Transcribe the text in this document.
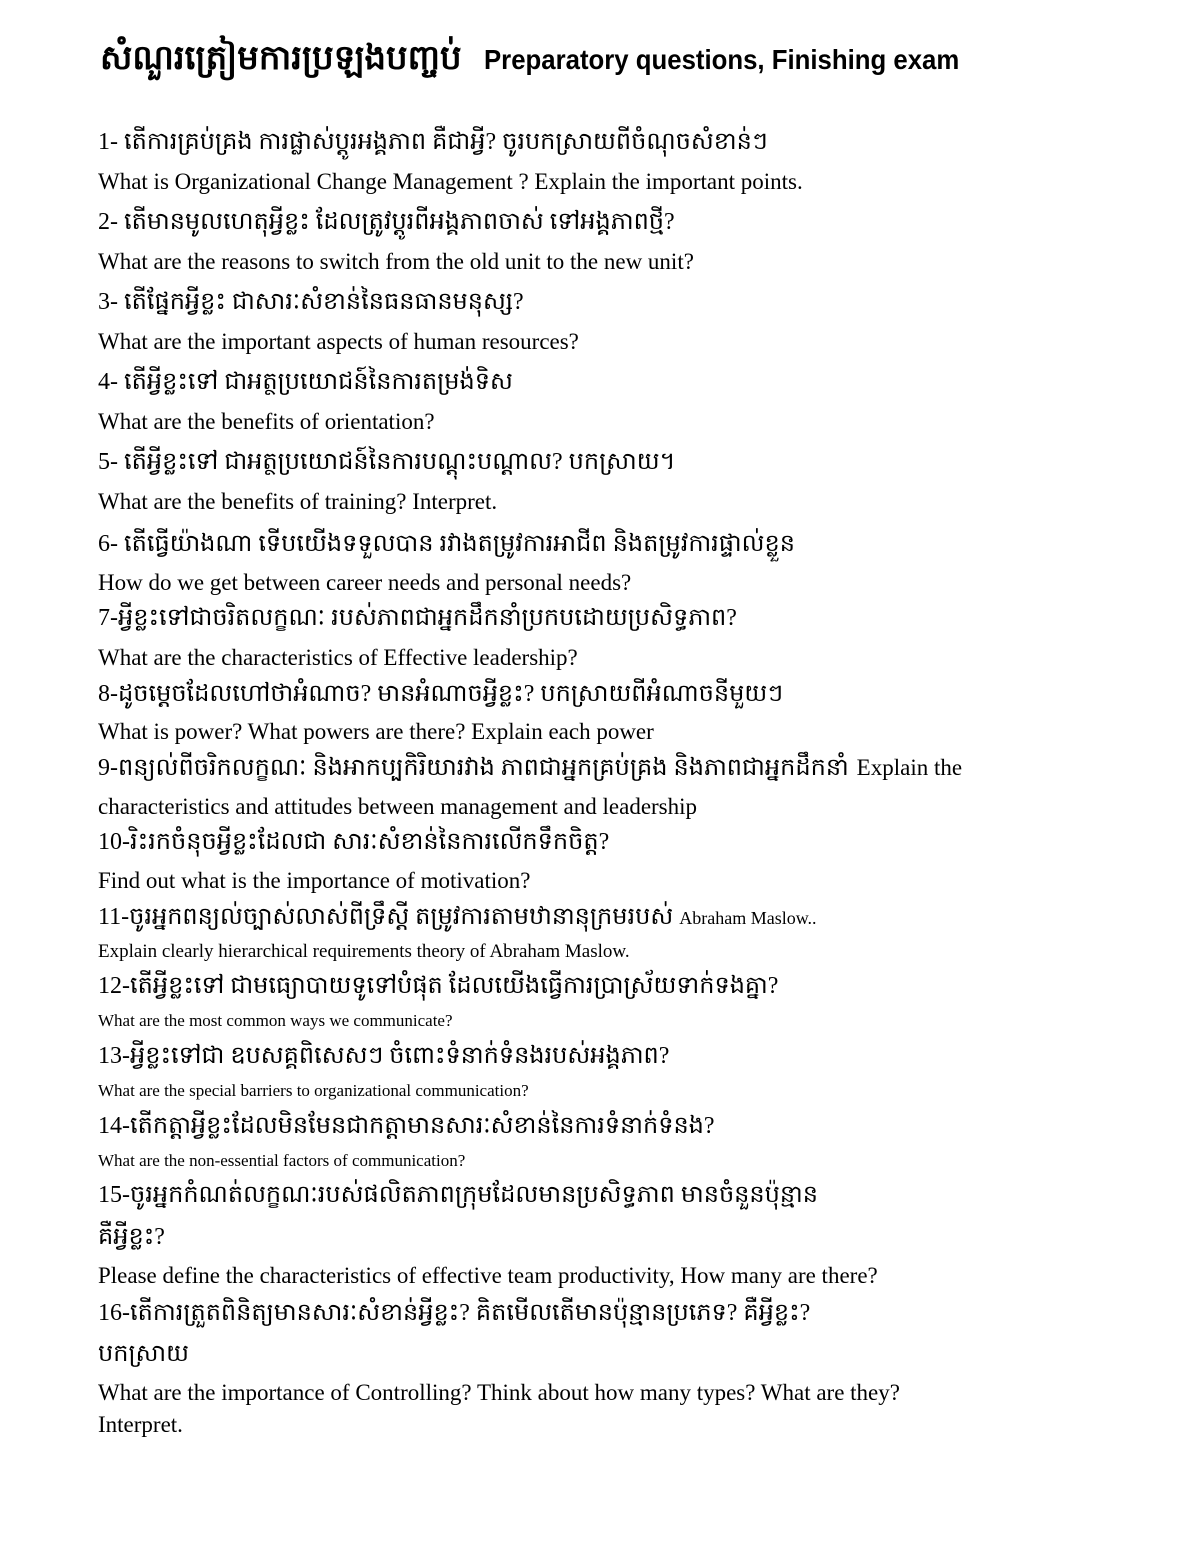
សំណួរត្រៀមការប្រឡងបញ្ចប់ Preparatory questions, Finishing exam
1- តើការគ្រប់គ្រង ការផ្លាស់ប្ដូរអង្គភាព គឺជាអ្វី? ចូរបកស្រាយពីចំណុចសំខាន់ៗ
What is Organizational Change Management ? Explain the important points.
2- តើមានមូលហេតុអ្វីខ្លះ ដែលត្រូវប្ដូរពីអង្គភាពចាស់ ទៅអង្គភាពថ្មី?
What are the reasons to switch from the old unit to the new unit?
3- តើផ្នែកអ្វីខ្លះ ជាសារៈសំខាន់នៃធនធានមនុស្ស?
What are the important aspects of human resources?
4- តើអ្វីខ្លះទៅ ជាអត្ថប្រយោជន៍នៃការតម្រង់ទិស
What are the benefits of orientation?
5- តើអ្វីខ្លះទៅ ជាអត្ថប្រយោជន៍នៃការបណ្ដុះបណ្ដាល? បកស្រាយ។
What are the benefits of training? Interpret.
6- តើធ្វើយ៉ាងណា ទើបយើងទទួលបាន រវាងតម្រូវការអាជីព និងតម្រូវការផ្ទាល់ខ្លួន
How do we get between career needs and personal needs?
7-អ្វីខ្លះទៅជាចរិតលក្ខណៈ របស់ភាពជាអ្នកដឹកនាំប្រកបដោយប្រសិទ្ធភាព?
What are the characteristics of Effective leadership?
8-ដូចម្ដេចដែលហៅថាអំណាច? មានអំណាចអ្វីខ្លះ? បកស្រាយពីអំណាចនីមួយៗ
What is power? What powers are there? Explain each power
9-ពន្យល់ពីចរិកលក្ខណៈ និងអាកប្បកិរិយារវាង ភាពជាអ្នកគ្រប់គ្រង និងភាពជាអ្នកដឹកនាំ Explain the
characteristics and attitudes between management and leadership
10-រិះរកចំនុចអ្វីខ្លះដែលជា សារៈសំខាន់នៃការលើកទឹកចិត្ត?
Find out what is the importance of motivation?
11-ចូរអ្នកពន្យល់ច្បាស់លាស់ពីទ្រឹស្ដី តម្រូវការតាមឋានានុក្រមរបស់ Abraham Maslow..
Explain clearly hierarchical requirements theory of Abraham Maslow.
12-តើអ្វីខ្លះទៅ ជាមធ្យោបាយទូទៅបំផុត ដែលយើងធ្វើការប្រាស្រ័យទាក់ទងគ្នា?
What are the most common ways we communicate?
13-អ្វីខ្លះទៅជា ឧបសគ្គពិសេសៗ ចំពោះទំនាក់ទំនងរបស់អង្គភាព?
What are the special barriers to organizational communication?
14-តើកត្តាអ្វីខ្លះដែលមិនមែនជាកត្តាមានសារៈសំខាន់នៃការទំនាក់ទំនង?
What are the non-essential factors of communication?
15-ចូរអ្នកកំណត់លក្ខណៈរបស់ផលិតភាពក្រុមដែលមានប្រសិទ្ធភាព មានចំនួនប៉ុន្មាន
គឺអ្វីខ្លះ?
Please define the characteristics of effective team productivity, How many are there?
16-តើការត្រួតពិនិត្យមានសារៈសំខាន់អ្វីខ្លះ? គិតមើលតើមានប៉ុន្មានប្រភេទ? គឺអ្វីខ្លះ?
បកស្រាយ
What are the importance of Controlling? Think about how many types? What are they?
Interpret.
